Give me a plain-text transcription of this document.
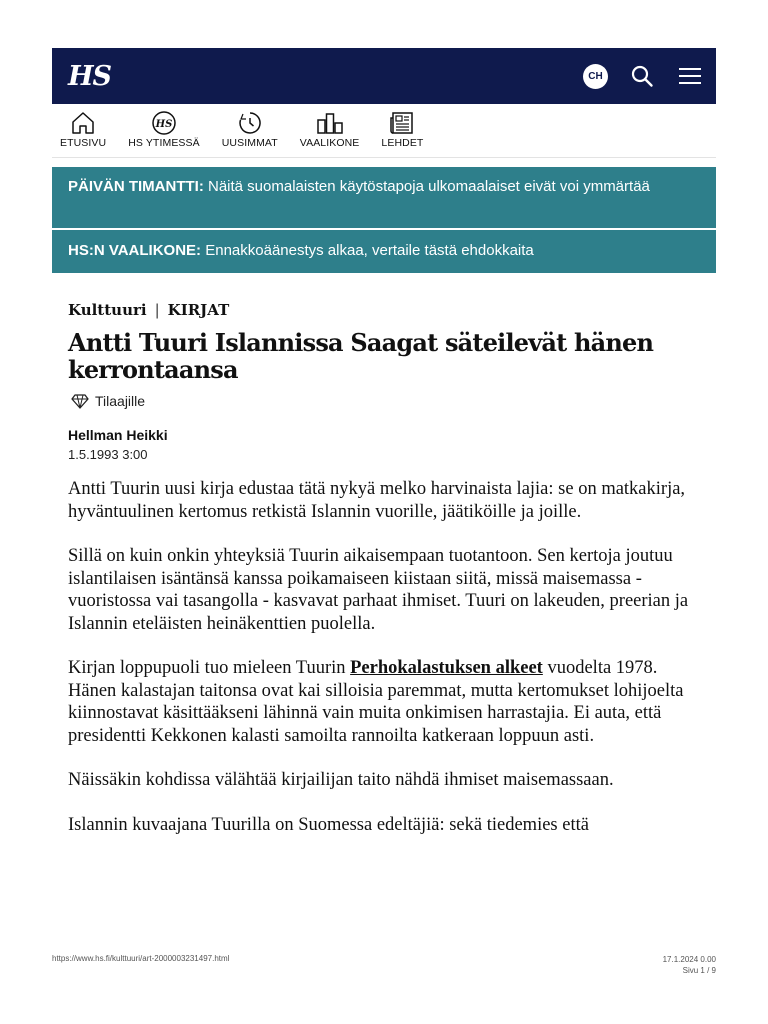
HS	CH
ETUSIVU
HS
HS YTIMESSÄ UUSIMMAT VAALIKONE LEHDET
PÄIVÄN TIMANTTI: Näitä suomalaisten käytöstapoja ulkomaalaiset eivät voi ymmärtää
HS:N VAALIKONE: Ennakkoäänestys alkaa, vertaile tästä ehdokkaita
Kulttuuri | KIRJAT
Antti Tuuri Islannissa Saagat säteilevät hänen kerrontaansa
Tilaajille
Hellman Heikki
1.5.1993 3:00

Antti Tuurin uusi kirja edustaa tätä nykyä melko harvinaista lajia: se on matkakirja, hyväntuulinen kertomus retkistä Islannin vuorille, jäätiköille ja joille.

Sillä on kuin onkin yhteyksiä Tuurin aikaisempaan tuotantoon. Sen kertoja joutuu islantilaisen isäntänsä kanssa poikamaiseen kiistaan siitä, missä maisemassa - vuoristossa vai tasangolla - kasvavat parhaat ihmiset. Tuuri on lakeuden, preerian ja Islannin eteläisten heinäkenttien puolella.

Kirjan loppupuoli tuo mieleen Tuurin Perhokalastuksen alkeet vuodelta 1978. Hänen kalastajan taitonsa ovat kai silloisia paremmat, mutta kertomukset lohijoelta kiinnostavat käsittääkseni lähinnä vain muita onkimisen harrastajia. Ei auta, että presidentti Kekkonen kalasti samoilta rannoilta katkeraan loppuun asti.

Näissäkin kohdissa välähtää kirjailijan taito nähdä ihmiset maisemassaan.

Islannin kuvaajana Tuurilla on Suomessa edeltäjiä: sekä tiedemies että

https://www.hs.fi/kulttuuri/art-2000003231497.html	17.1.2024 0.00
Sivu 1 / 9
